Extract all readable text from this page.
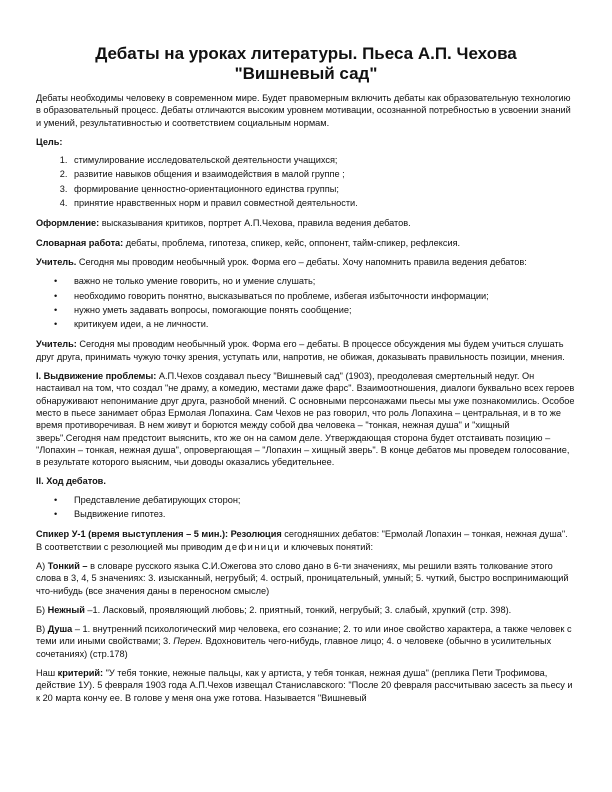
Дебаты на уроках литературы. Пьеса А.П. Чехова
"Вишневый сад"

Дебаты необходимы человеку в современном мире. Будет правомерным включить дебаты как образовательную технологию в образовательный процесс. Дебаты отличаются высоким уровнем мотивации, осознанной потребностью в усвоении знаний и умений, результативностью и соответствием социальным нормам.

Цель:
1. стимулирование исследовательской деятельности учащихся;
2. развитие навыков общения и взаимодействия в малой группе ;
3. формирование ценностно-ориентационного единства группы;
4. принятие нравственных норм и правил совместной деятельности.

Оформление: высказывания критиков, портрет А.П.Чехова, правила ведения дебатов.

Словарная работа: дебаты, проблема, гипотеза, спикер, кейс, оппонент, тайм-спикер, рефлексия.

Учитель. Сегодня мы проводим необычный урок. Форма его – дебаты. Хочу напомнить правила ведения дебатов:

• важно не только умение говорить, но и умение слушать;
• необходимо говорить понятно, высказываться по проблеме, избегая избыточности информации;
• нужно уметь задавать вопросы, помогающие понять сообщение;
• критикуем идеи, а не личности.

Учитель: Сегодня мы проводим необычный урок. Форма его – дебаты. В процессе обсуждения мы будем учиться слушать друг друга, принимать чужую точку зрения, уступать или, напротив, не обижая, доказывать правильность позиции, мнения.

I. Выдвижение проблемы: А.П.Чехов создавал пьесу "Вишневый сад" (1903), преодолевая смертельный недуг. Он настаивал на том, что создал "не драму, а комедию, местами даже фарс". Взаимоотношения, диалоги буквально всех героев обнаруживают непонимание друг друга, разнобой мнений. С основными персонажами пьесы мы уже познакомились. Особое место в пьесе занимает образ Ермолая Лопахина. Сам Чехов не раз говорил, что роль Лопахина – центральная, и в то же время противоречивая. В нем живут и борются между собой два человека – "тонкая, нежная душа" и "хищный зверь".Сегодня нам предстоит выяснить, кто же он на самом деле. Утверждающая сторона будет отстаивать позицию – "Лопахин – тонкая, нежная душа", опровергающая – "Лопахин – хищный зверь". В конце дебатов мы проведем голосование, в результате которого выясним, чьи доводы оказались убедительнее.

II. Ход дебатов.
• Представление дебатирующих сторон;
• Выдвижение гипотез.

Спикер У-1 (время выступления – 5 мин.): Резолюция сегодняшних дебатов: "Ермолай Лопахин – тонкая, нежная душа". В соответствии с резолюцией мы приводим дефиници и ключевых понятий:

А) Тонкий – в словаре русского языка С.И.Ожегова это слово дано в 6-ти значениях, мы решили взять толкование этого слова в 3, 4, 5 значениях: 3. изысканный, негрубый; 4. острый, проницательный, умный; 5. чуткий, быстро воспринимающий что-нибудь (все значения даны в переносном смысле)

Б) Нежный –1. Ласковый, проявляющий любовь; 2. приятный, тонкий, негрубый; 3. слабый, хрупкий (стр. 398).

В) Душа – 1. внутренний психологический мир человека, его сознание; 2. то или иное свойство характера, а также человек с теми или иными свойствами; 3. Перен. Вдохновитель чего-нибудь, главное лицо; 4. о человеке (обычно в усилительных сочетаниях) (стр.178)

Наш критерий: "У тебя тонкие, нежные пальцы, как у артиста, у тебя тонкая, нежная душа" (реплика Пети Трофимова, действие 1У). 5 февраля 1903 года А.П.Чехов извещал Станиславского: "После 20 февраля рассчитываю засесть за пьесу и к 20 марта кончу ее. В голове у меня она уже готова. Называется "Вишневый
